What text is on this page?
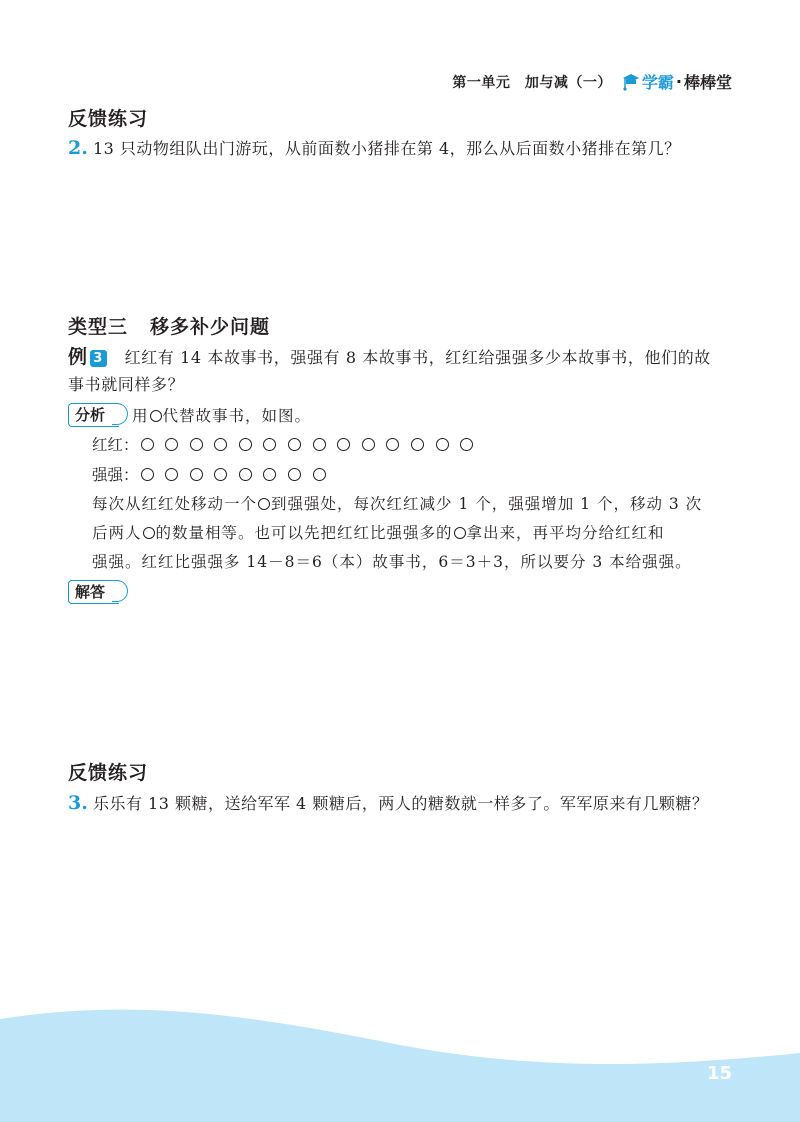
第一单元　加与减（一） 学霸 · 棒棒堂
反馈练习
2. 13 只动物组队出门游玩，从前面数小猪排在第 4，那么从后面数小猪排在第几？
类型三 移多补少问题
例 3 红红有 14 本故事书，强强有 8 本故事书，红红给强强多少本故事书，他们的故
事书就同样多？
分析	用 代替故事书，如图。
红红：
强强：
每次从红红处移动一个 到强强处，每次红红减少 1 个，强强增加 1 个，移动 3 次
后两人 的数量相等。也可以先把红红比强强多的 拿出来，再平均分给红红和
强强。红红比强强多 14－8＝6（本）故事书，6＝3＋3，所以要分 3 本给强强。
解答
反馈练习
3. 乐乐有 13 颗糖，送给军军 4 颗糖后，两人的糖数就一样多了。军军原来有几颗糖？
15
